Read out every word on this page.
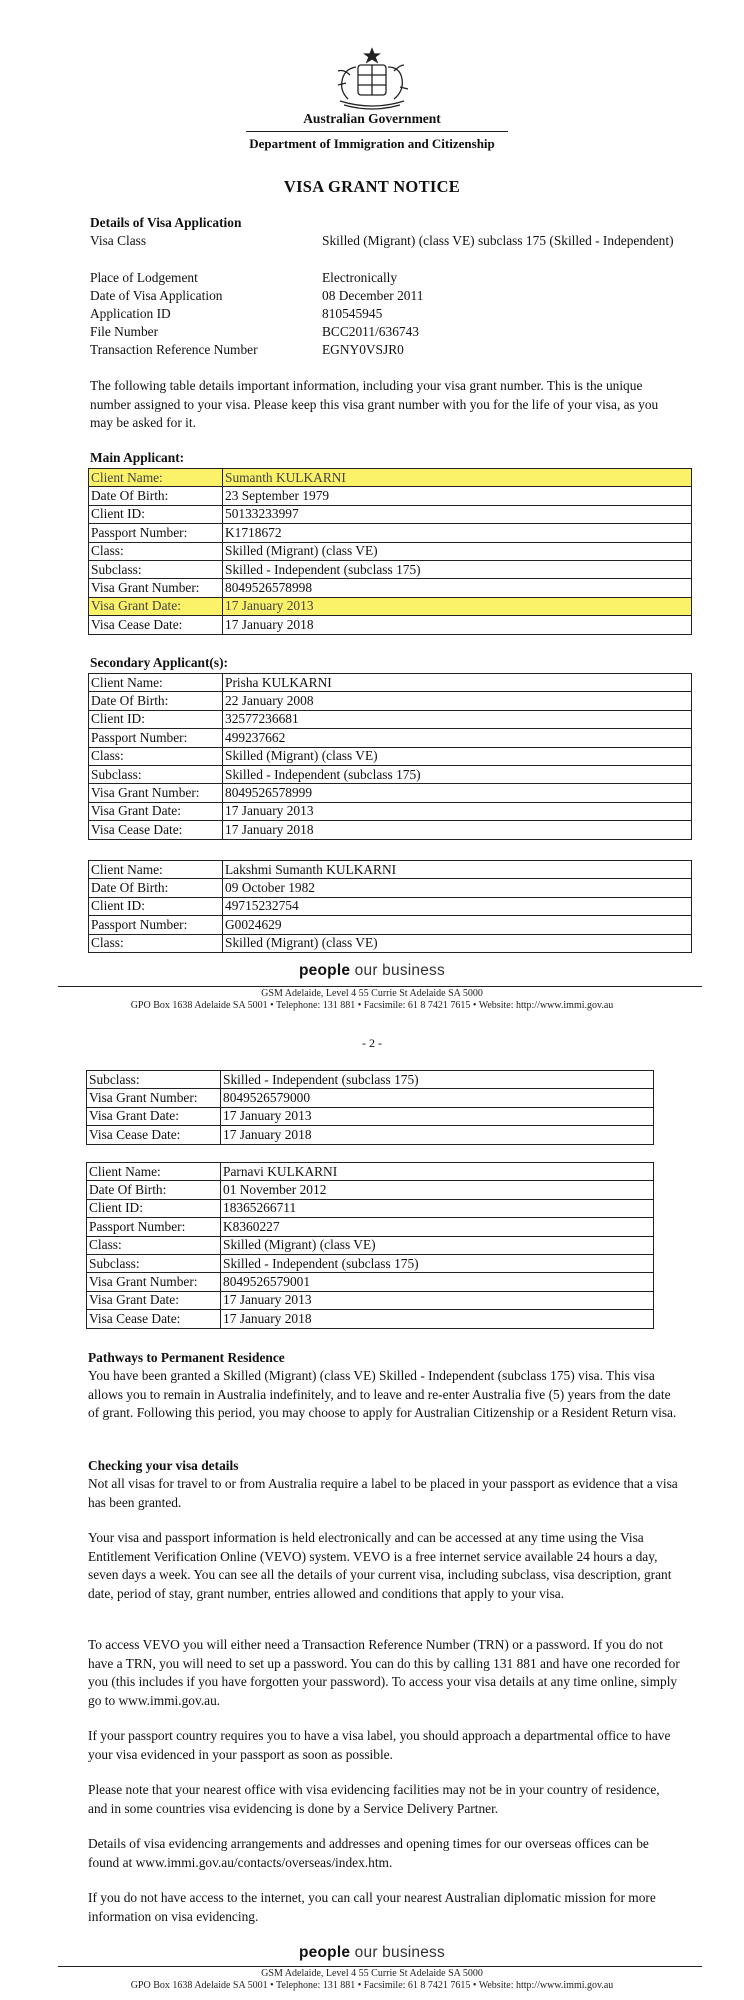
Australian Government
Department of Immigration and Citizenship
VISA GRANT NOTICE
Details of Visa Application
Visa Class	Skilled (Migrant) (class VE) subclass 175 (Skilled - Independent)
Place of Lodgement	Electronically
Date of Visa Application	08 December 2011
Application ID	810545945
File Number	BCC2011/636743
Transaction Reference Number	EGNY0VSJR0
The following table details important information, including your visa grant number. This is the unique number assigned to your visa. Please keep this visa grant number with you for the life of your visa, as you may be asked for it.
Main Applicant:
Client Name:	Sumanth KULKARNI
Date Of Birth:	23 September 1979
Client ID:	50133233997
Passport Number:	K1718672
Class:	Skilled (Migrant) (class VE)
Subclass:	Skilled - Independent (subclass 175)
Visa Grant Number:	8049526578998
Visa Grant Date:	17 January 2013
Visa Cease Date:	17 January 2018
Secondary Applicant(s):
Client Name:	Prisha KULKARNI
Date Of Birth:	22 January 2008
Client ID:	32577236681
Passport Number:	499237662
Class:	Skilled (Migrant) (class VE)
Subclass:	Skilled - Independent (subclass 175)
Visa Grant Number:	8049526578999
Visa Grant Date:	17 January 2013
Visa Cease Date:	17 January 2018
Client Name:	Lakshmi Sumanth KULKARNI
Date Of Birth:	09 October 1982
Client ID:	49715232754
Passport Number:	G0024629
Class:	Skilled (Migrant) (class VE)
people our business
GSM Adelaide, Level 4 55 Currie St Adelaide SA 5000
GPO Box 1638 Adelaide SA 5001 • Telephone: 131 881 • Facsimile: 61 8 7421 7615 • Website: http://www.immi.gov.au
- 2 -
Subclass:	Skilled - Independent (subclass 175)
Visa Grant Number:	8049526579000
Visa Grant Date:	17 January 2013
Visa Cease Date:	17 January 2018
Client Name:	Parnavi KULKARNI
Date Of Birth:	01 November 2012
Client ID:	18365266711
Passport Number:	K8360227
Class:	Skilled (Migrant) (class VE)
Subclass:	Skilled - Independent (subclass 175)
Visa Grant Number:	8049526579001
Visa Grant Date:	17 January 2013
Visa Cease Date:	17 January 2018
Pathways to Permanent Residence
You have been granted a Skilled (Migrant) (class VE) Skilled - Independent (subclass 175) visa. This visa allows you to remain in Australia indefinitely, and to leave and re-enter Australia five (5) years from the date of grant. Following this period, you may choose to apply for Australian Citizenship or a Resident Return visa.
Checking your visa details
Not all visas for travel to or from Australia require a label to be placed in your passport as evidence that a visa has been granted.
Your visa and passport information is held electronically and can be accessed at any time using the Visa Entitlement Verification Online (VEVO) system. VEVO is a free internet service available 24 hours a day, seven days a week. You can see all the details of your current visa, including subclass, visa description, grant date, period of stay, grant number, entries allowed and conditions that apply to your visa.
To access VEVO you will either need a Transaction Reference Number (TRN) or a password. If you do not have a TRN, you will need to set up a password. You can do this by calling 131 881 and have one recorded for you (this includes if you have forgotten your password). To access your visa details at any time online, simply go to www.immi.gov.au.
If your passport country requires you to have a visa label, you should approach a departmental office to have your visa evidenced in your passport as soon as possible.
Please note that your nearest office with visa evidencing facilities may not be in your country of residence, and in some countries visa evidencing is done by a Service Delivery Partner.
Details of visa evidencing arrangements and addresses and opening times for our overseas offices can be found at www.immi.gov.au/contacts/overseas/index.htm.
If you do not have access to the internet, you can call your nearest Australian diplomatic mission for more information on visa evidencing.
people our business
GSM Adelaide, Level 4 55 Currie St Adelaide SA 5000
GPO Box 1638 Adelaide SA 5001 • Telephone: 131 881 • Facsimile: 61 8 7421 7615 • Website: http://www.immi.gov.au
